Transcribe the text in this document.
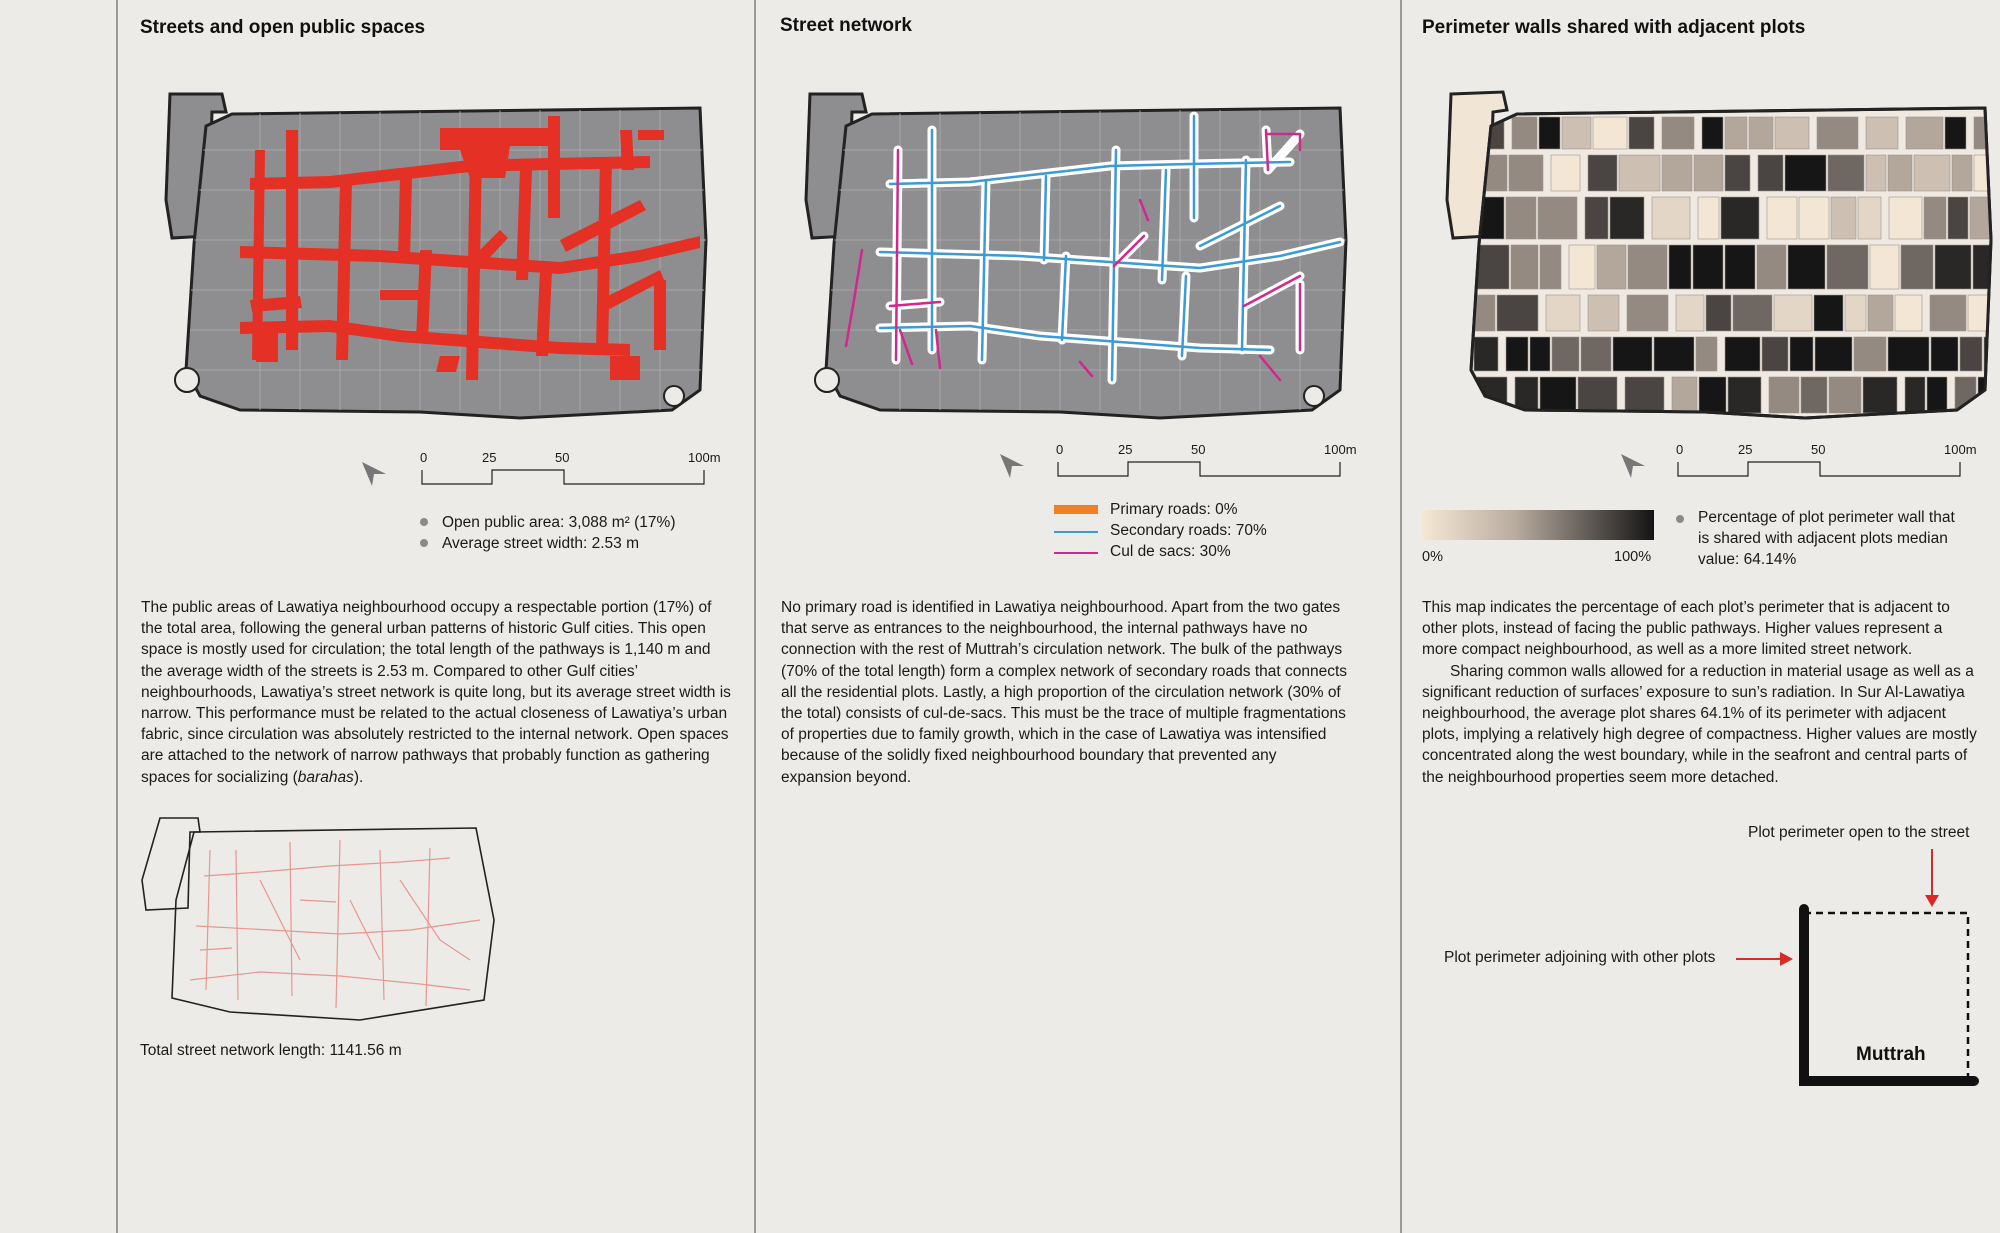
Streets and open public spaces
0	25	50	100m
Open public area: 3,088 m² (17%)
Average street width: 2.53 m
The public areas of Lawatiya neighbourhood occupy a respectable portion (17%) of the total area, following the general urban patterns of historic Gulf cities. This open space is mostly used for circulation; the total length of the pathways is 1,140 m and the average width of the streets is 2.53 m. Compared to other Gulf cities’ neighbourhoods, Lawatiya’s street network is quite long, but its average street width is narrow. This performance must be related to the actual closeness of Lawatiya’s urban fabric, since circulation was absolutely restricted to the internal network. Open spaces are attached to the network of narrow pathways that probably function as gathering spaces for socializing (barahas).
Total street network length: 1141.56 m
Street network
0	25	50	100m
Primary roads: 0%
Secondary roads: 70%
Cul de sacs: 30%
No primary road is identified in Lawatiya neighbourhood. Apart from the two gates that serve as entrances to the neighbourhood, the internal pathways have no connection with the rest of Muttrah’s circulation network. The bulk of the pathways (70% of the total length) form a complex network of secondary roads that connects all the residential plots. Lastly, a high proportion of the circulation network (30% of the total) consists of cul-de-sacs. This must be the trace of multiple fragmentations of properties due to family growth, which in the case of Lawatiya was intensified because of the solidly fixed neighbourhood boundary that prevented any expansion beyond.
Perimeter walls shared with adjacent plots
0	25	50	100m
0%	100%
Percentage of plot perimeter wall that is shared with adjacent plots median value: 64.14%

This map indicates the percentage of each plot’s perimeter that is adjacent to other plots, instead of facing the public pathways. Higher values represent a more compact neighbourhood, as well as a more limited street network.

Sharing common walls allowed for a reduction in material usage as well as a significant reduction of surfaces’ exposure to sun’s radiation. In Sur Al-Lawatiya neighbourhood, the average plot shares 64.1% of its perimeter with adjacent plots, implying a relatively high degree of compactness. Higher values are mostly concentrated along the west boundary, while in the seafront and central parts of the neighbourhood properties seem more detached.

Plot perimeter open to the street
Plot perimeter adjoining with other plots
Muttrah
